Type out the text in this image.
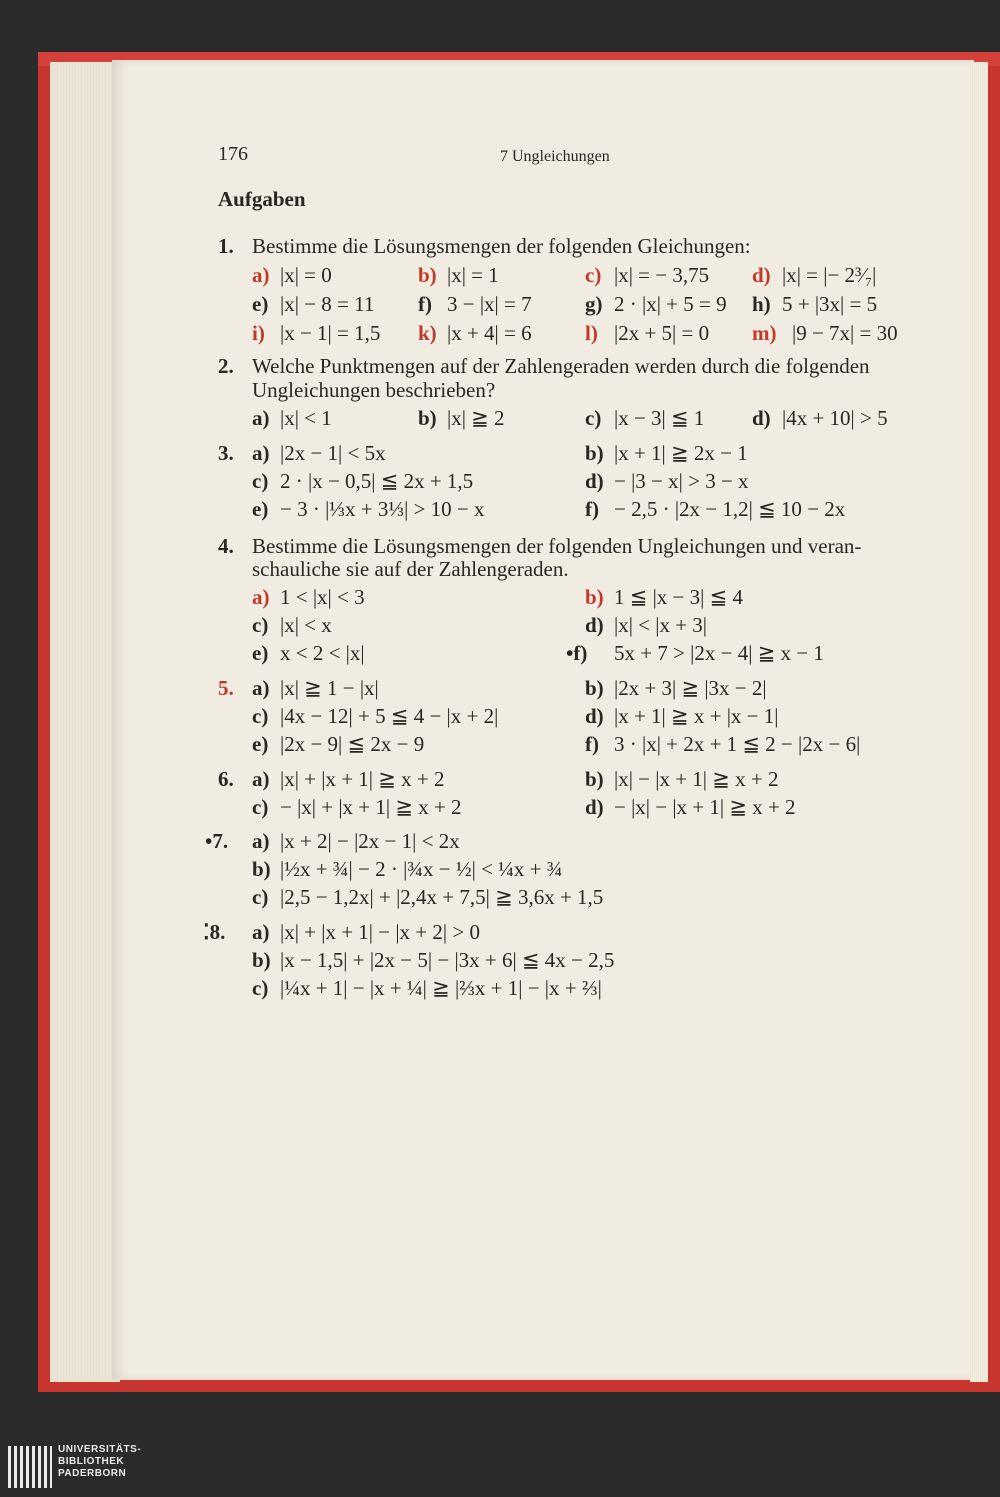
176	7 Ungleichungen
Aufgaben
1. Bestimme die Lösungsmengen der folgenden Gleichungen:
a) |x| = 0	b) |x| = 1	c) |x| = − 3,75 d) |x| = |− 2³⁄₇|
e) |x| − 8 = 11 f) 3 − |x| = 7	g) 2 · |x| + 5 = 9 h) 5 + |3x| = 5
i) |x − 1| = 1,5 k) |x + 4| = 6	l) |2x + 5| = 0 m) |9 − 7x| = 30
2. Welche Punktmengen auf der Zahlengeraden werden durch die folgenden
Ungleichungen beschrieben?
a) |x| < 1	b) |x| ≧ 2	c) |x − 3| ≦ 1 d) |4x + 10| > 5
3. a) |2x − 1| < 5x	b) |x + 1| ≧ 2x − 1
c) 2 · |x − 0,5| ≦ 2x + 1,5	d) − |3 − x| > 3 − x
e) − 3 · |⅓x + 3⅓| > 10 − x	f) − 2,5 · |2x − 1,2| ≦ 10 − 2x
4. Bestimme die Lösungsmengen der folgenden Ungleichungen und veran-
schauliche sie auf der Zahlengeraden.
a) 1 < |x| < 3	b) 1 ≦ |x − 3| ≦ 4
c) |x| < x	d) |x| < |x + 3|
e) x < 2 < |x|	•f) 5x + 7 > |2x − 4| ≧ x − 1
5. a) |x| ≧ 1 − |x|	b) |2x + 3| ≧ |3x − 2|
c) |4x − 12| + 5 ≦ 4 − |x + 2|	d) |x + 1| ≧ x + |x − 1|
e) |2x − 9| ≦ 2x − 9	f) 3 · |x| + 2x + 1 ≦ 2 − |2x − 6|
6. a) |x| + |x + 1| ≧ x + 2	b) |x| − |x + 1| ≧ x + 2
c) − |x| + |x + 1| ≧ x + 2	d) − |x| − |x + 1| ≧ x + 2
•7. a) |x + 2| − |2x − 1| < 2x
b) |½x + ¾| − 2 · |¾x − ½| < ¼x + ¾
c) |2,5 − 1,2x| + |2,4x + 7,5| ≧ 3,6x + 1,5
⁚8. a) |x| + |x + 1| − |x + 2| > 0
b) |x − 1,5| + |2x − 5| − |3x + 6| ≦ 4x − 2,5
c) |¼x + 1| − |x + ¼| ≧ |⅔x + 1| − |x + ⅔|
UNIVERSITÄTS-
BIBLIOTHEK
PADERBORN
